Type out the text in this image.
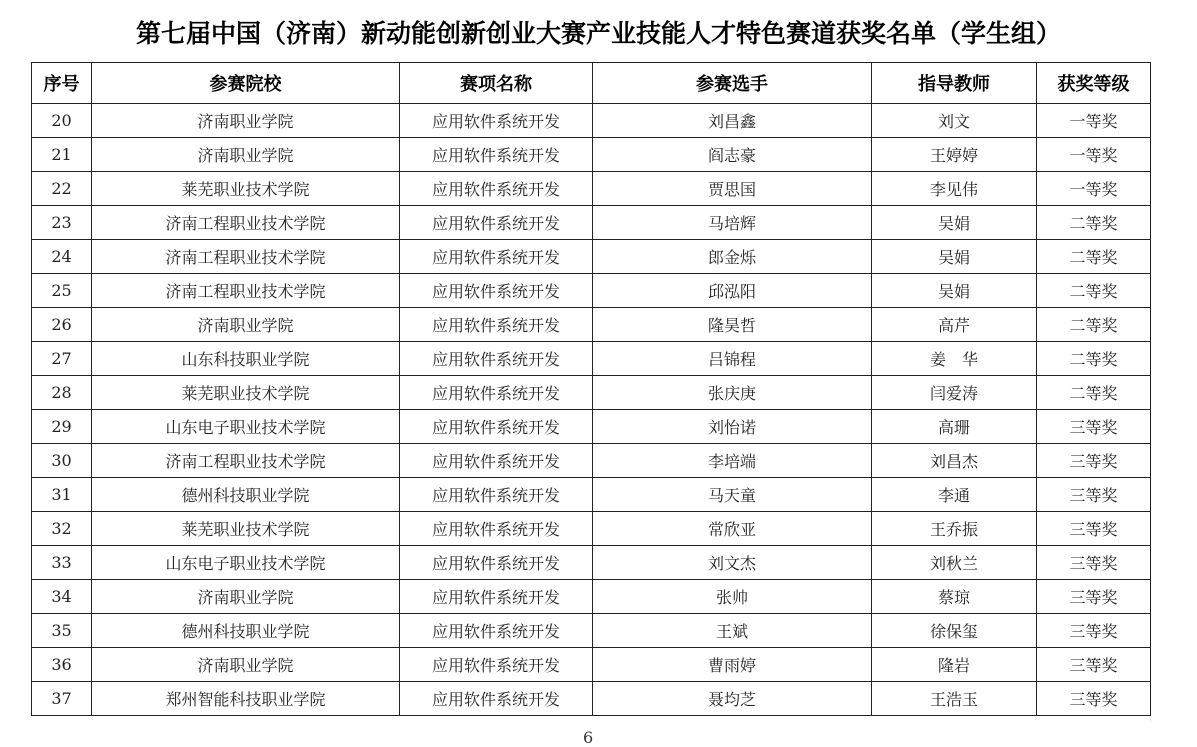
第七届中国（济南）新动能创新创业大赛产业技能人才特色赛道获奖名单（学生组）
序号	参赛院校	赛项名称	参赛选手	指导教师	获奖等级
20	济南职业学院	应用软件系统开发	刘昌鑫	刘文	一等奖
21	济南职业学院	应用软件系统开发	阎志豪	王婷婷	一等奖
22	莱芜职业技术学院	应用软件系统开发	贾思国	李见伟	一等奖
23	济南工程职业技术学院	应用软件系统开发	马培辉	吴娟	二等奖
24	济南工程职业技术学院	应用软件系统开发	郎金烁	吴娟	二等奖
25	济南工程职业技术学院	应用软件系统开发	邱泓阳	吴娟	二等奖
26	济南职业学院	应用软件系统开发	隆昊哲	高芹	二等奖
27	山东科技职业学院	应用软件系统开发	吕锦程	姜　华	二等奖
28	莱芜职业技术学院	应用软件系统开发	张庆庚	闫爱涛	二等奖
29	山东电子职业技术学院	应用软件系统开发	刘怡诺	高珊	三等奖
30	济南工程职业技术学院	应用软件系统开发	李培端	刘昌杰	三等奖
31	德州科技职业学院	应用软件系统开发	马天童	李通	三等奖
32	莱芜职业技术学院	应用软件系统开发	常欣亚	王乔振	三等奖
33	山东电子职业技术学院	应用软件系统开发	刘文杰	刘秋兰	三等奖
34	济南职业学院	应用软件系统开发	张帅	蔡琼	三等奖
35	德州科技职业学院	应用软件系统开发	王斌	徐保玺	三等奖
36	济南职业学院	应用软件系统开发	曹雨婷	隆岩	三等奖
37	郑州智能科技职业学院	应用软件系统开发	聂均芝	王浩玉	三等奖
6
